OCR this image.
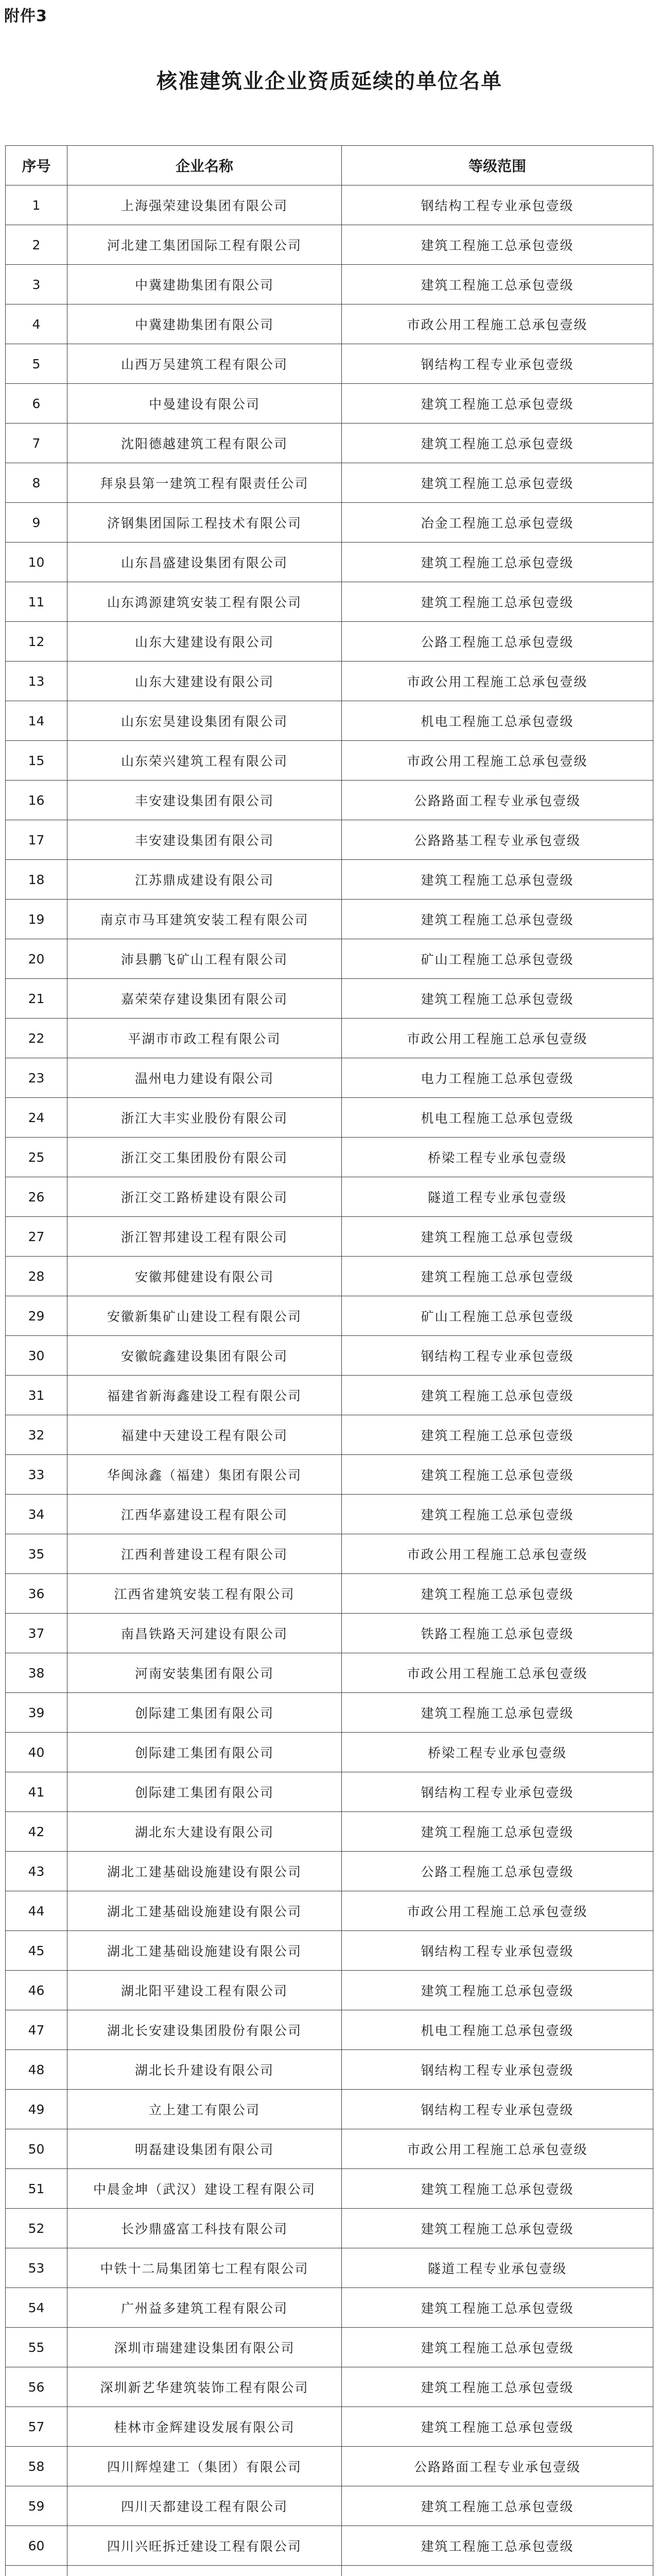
附件3
核准建筑业企业资质延续的单位名单
序号	企业名称	等级范围
1	上海强荣建设集团有限公司	钢结构工程专业承包壹级
2	河北建工集团国际工程有限公司	建筑工程施工总承包壹级
3	中冀建勘集团有限公司	建筑工程施工总承包壹级
4	中冀建勘集团有限公司	市政公用工程施工总承包壹级
5	山西万吴建筑工程有限公司	钢结构工程专业承包壹级
6	中曼建设有限公司	建筑工程施工总承包壹级
7	沈阳德越建筑工程有限公司	建筑工程施工总承包壹级
8	拜泉县第一建筑工程有限责任公司	建筑工程施工总承包壹级
9	济钢集团国际工程技术有限公司	冶金工程施工总承包壹级
10	山东昌盛建设集团有限公司	建筑工程施工总承包壹级
11	山东鸿源建筑安装工程有限公司	建筑工程施工总承包壹级
12	山东大建建设有限公司	公路工程施工总承包壹级
13	山东大建建设有限公司	市政公用工程施工总承包壹级
14	山东宏昊建设集团有限公司	机电工程施工总承包壹级
15	山东荣兴建筑工程有限公司	市政公用工程施工总承包壹级
16	丰安建设集团有限公司	公路路面工程专业承包壹级
17	丰安建设集团有限公司	公路路基工程专业承包壹级
18	江苏鼎成建设有限公司	建筑工程施工总承包壹级
19	南京市马耳建筑安装工程有限公司	建筑工程施工总承包壹级
20	沛县鹏飞矿山工程有限公司	矿山工程施工总承包壹级
21	嘉荣荣存建设集团有限公司	建筑工程施工总承包壹级
22	平湖市市政工程有限公司	市政公用工程施工总承包壹级
23	温州电力建设有限公司	电力工程施工总承包壹级
24	浙江大丰实业股份有限公司	机电工程施工总承包壹级
25	浙江交工集团股份有限公司	桥梁工程专业承包壹级
26	浙江交工路桥建设有限公司	隧道工程专业承包壹级
27	浙江智邦建设工程有限公司	建筑工程施工总承包壹级
28	安徽邦健建设有限公司	建筑工程施工总承包壹级
29	安徽新集矿山建设工程有限公司	矿山工程施工总承包壹级
30	安徽皖鑫建设集团有限公司	钢结构工程专业承包壹级
31	福建省新海鑫建设工程有限公司	建筑工程施工总承包壹级
32	福建中天建设工程有限公司	建筑工程施工总承包壹级
33	华闽泳鑫（福建）集团有限公司	建筑工程施工总承包壹级
34	江西华嘉建设工程有限公司	建筑工程施工总承包壹级
35	江西利普建设工程有限公司	市政公用工程施工总承包壹级
36	江西省建筑安装工程有限公司	建筑工程施工总承包壹级
37	南昌铁路天河建设有限公司	铁路工程施工总承包壹级
38	河南安装集团有限公司	市政公用工程施工总承包壹级
39	创际建工集团有限公司	建筑工程施工总承包壹级
40	创际建工集团有限公司	桥梁工程专业承包壹级
41	创际建工集团有限公司	钢结构工程专业承包壹级
42	湖北东大建设有限公司	建筑工程施工总承包壹级
43	湖北工建基础设施建设有限公司	公路工程施工总承包壹级
44	湖北工建基础设施建设有限公司	市政公用工程施工总承包壹级
45	湖北工建基础设施建设有限公司	钢结构工程专业承包壹级
46	湖北阳平建设工程有限公司	建筑工程施工总承包壹级
47	湖北长安建设集团股份有限公司	机电工程施工总承包壹级
48	湖北长升建设有限公司	钢结构工程专业承包壹级
49	立上建工有限公司	钢结构工程专业承包壹级
50	明磊建设集团有限公司	市政公用工程施工总承包壹级
51	中晨金坤（武汉）建设工程有限公司	建筑工程施工总承包壹级
52	长沙鼎盛富工科技有限公司	建筑工程施工总承包壹级
53	中铁十二局集团第七工程有限公司	隧道工程专业承包壹级
54	广州益多建筑工程有限公司	建筑工程施工总承包壹级
55	深圳市瑞建建设集团有限公司	建筑工程施工总承包壹级
56	深圳新艺华建筑装饰工程有限公司	建筑工程施工总承包壹级
57	桂林市金辉建设发展有限公司	建筑工程施工总承包壹级
58	四川辉煌建工（集团）有限公司	公路路面工程专业承包壹级
59	四川天都建设工程有限公司	建筑工程施工总承包壹级
60	四川兴旺拆迁建设工程有限公司	建筑工程施工总承包壹级
